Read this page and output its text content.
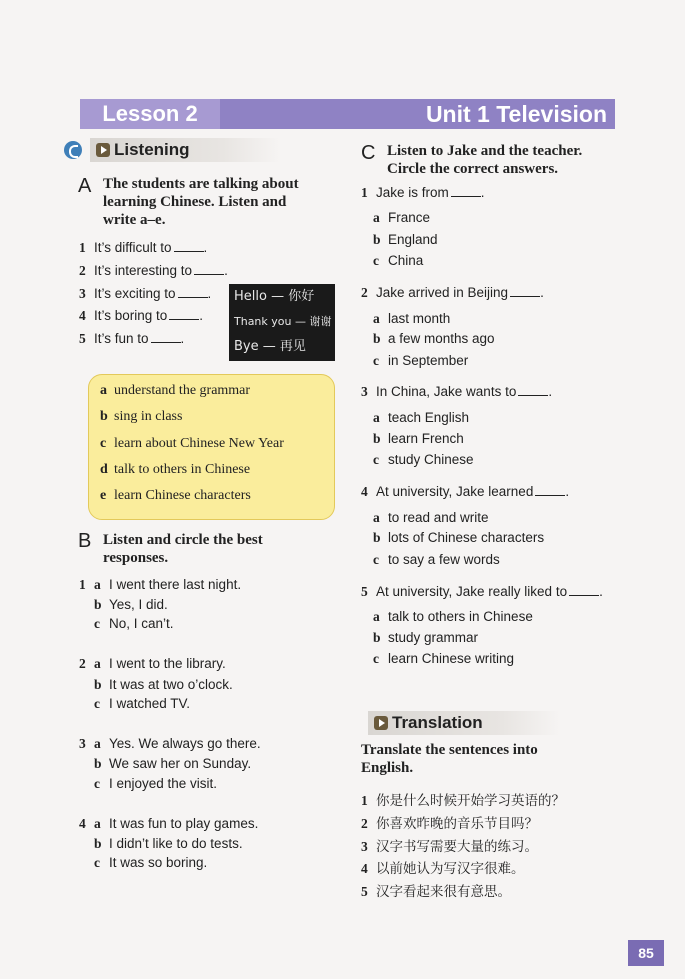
Lesson 2	Unit 1 Television
Listening
A The students are talking about
learning Chinese. Listen and
write a–e.
1 It’s difficult to .
2 It’s interesting to .
3 It’s exciting to .
4 It’s boring to .
5 It’s fun to .
Hello — 你好
Thank you — 谢谢
Bye — 再见
a understand the grammar
b sing in class
c learn about Chinese New Year
d talk to others in Chinese
e learn Chinese characters
B Listen and circle the best
responses.
1 a I went there last night.
b Yes, I did.
c No, I can’t.
2 a I went to the library.
b It was at two o’clock.
c I watched TV.
3 a Yes. We always go there.
b We saw her on Sunday.
c I enjoyed the visit.
4 a It was fun to play games.
b I didn’t like to do tests.
c It was so boring.
C Listen to Jake and the teacher.
Circle the correct answers.
1 Jake is from .
a France
b England
c China
2 Jake arrived in Beijing .
a last month
b a few months ago
c in September
3 In China, Jake wants to .
a teach English
b learn French
c study Chinese
4 At university, Jake learned .
a to read and write
b lots of Chinese characters
c to say a few words
5 At university, Jake really liked to .
a talk to others in Chinese
b study grammar
c learn Chinese writing
Translation
Translate the sentences into
English.
1 你是什么时候开始学习英语的？
2 你喜欢昨晚的音乐节目吗？
3 汉字书写需要大量的练习。
4 以前她认为写汉字很难。
5 汉字看起来很有意思。
85
